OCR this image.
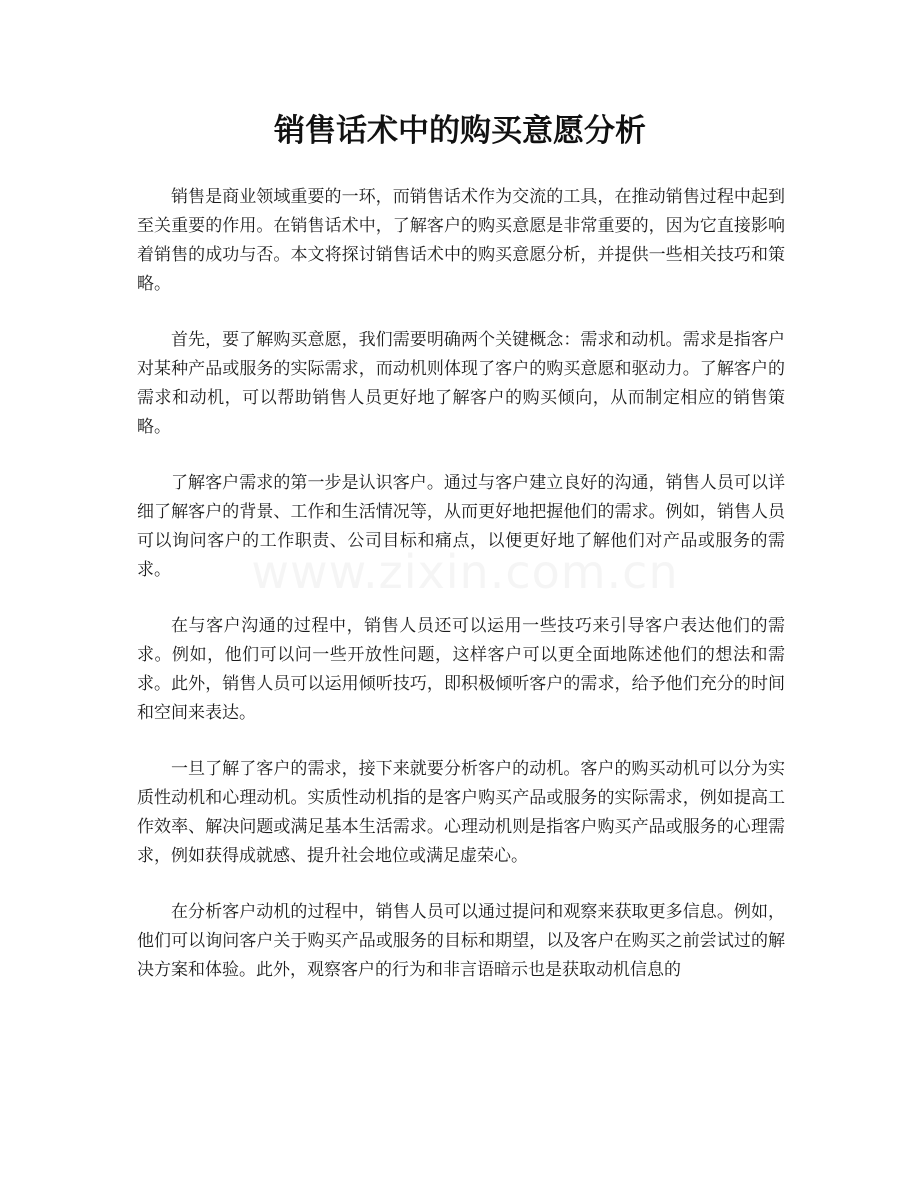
销售话术中的购买意愿分析

销售是商业领域重要的一环，而销售话术作为交流的工具，在推动销售过程中起到至关重要的作用。在销售话术中，了解客户的购买意愿是非常重要的，因为它直接影响着销售的成功与否。本文将探讨销售话术中的购买意愿分析，并提供一些相关技巧和策略。

首先，要了解购买意愿，我们需要明确两个关键概念：需求和动机。需求是指客户对某种产品或服务的实际需求，而动机则体现了客户的购买意愿和驱动力。了解客户的需求和动机，可以帮助销售人员更好地了解客户的购买倾向，从而制定相应的销售策略。

了解客户需求的第一步是认识客户。通过与客户建立良好的沟通，销售人员可以详细了解客户的背景、工作和生活情况等，从而更好地把握他们的需求。例如，销售人员可以询问客户的工作职责、公司目标和痛点，以便更好地了解他们对产品或服务的需求。

在与客户沟通的过程中，销售人员还可以运用一些技巧来引导客户表达他们的需求。例如，他们可以问一些开放性问题，这样客户可以更全面地陈述他们的想法和需求。此外，销售人员可以运用倾听技巧，即积极倾听客户的需求，给予他们充分的时间和空间来表达。

一旦了解了客户的需求，接下来就要分析客户的动机。客户的购买动机可以分为实质性动机和心理动机。实质性动机指的是客户购买产品或服务的实际需求，例如提高工作效率、解决问题或满足基本生活需求。心理动机则是指客户购买产品或服务的心理需求，例如获得成就感、提升社会地位或满足虚荣心。

在分析客户动机的过程中，销售人员可以通过提问和观察来获取更多信息。例如，他们可以询问客户关于购买产品或服务的目标和期望，以及客户在购买之前尝试过的解决方案和体验。此外，观察客户的行为和非言语暗示也是获取动机信息的

www.zixin.com.cn
